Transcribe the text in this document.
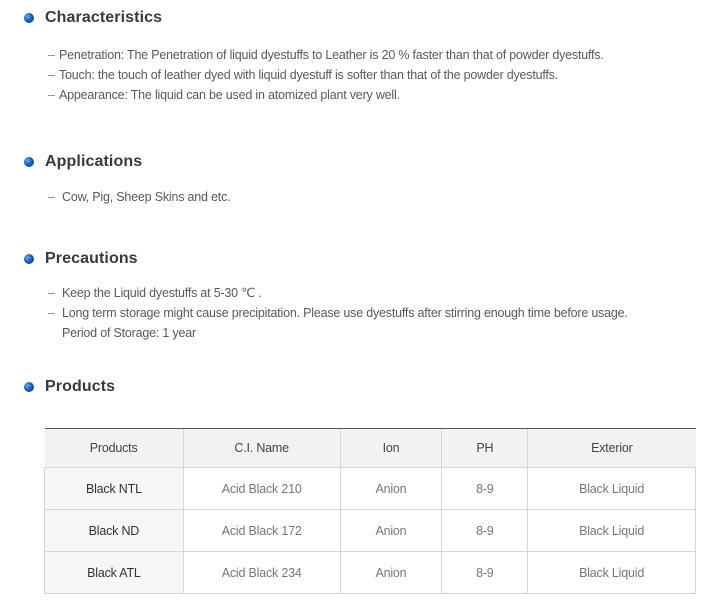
Characteristics
– Penetration: The Penetration of liquid dyestuffs to Leather is 20 % faster than that of powder dyestuffs.
– Touch: the touch of leather dyed with liquid dyestuff is softer than that of the powder dyestuffs.
– Appearance: The liquid can be used in atomized plant very well.
Applications
– Cow, Pig, Sheep Skins and etc.
Precautions
– Keep the Liquid dyestuffs at 5-30 ℃ .
– Long term storage might cause precipitation. Please use dyestuffs after stirring enough time before usage.
Period of Storage: 1 year
Products
Products	C.I. Name	Ion	PH	Exterior
Black NTL	Acid Black 210	Anion	8-9	Black Liquid
Black ND	Acid Black 172	Anion	8-9	Black Liquid
Black ATL	Acid Black 234	Anion	8-9	Black Liquid
